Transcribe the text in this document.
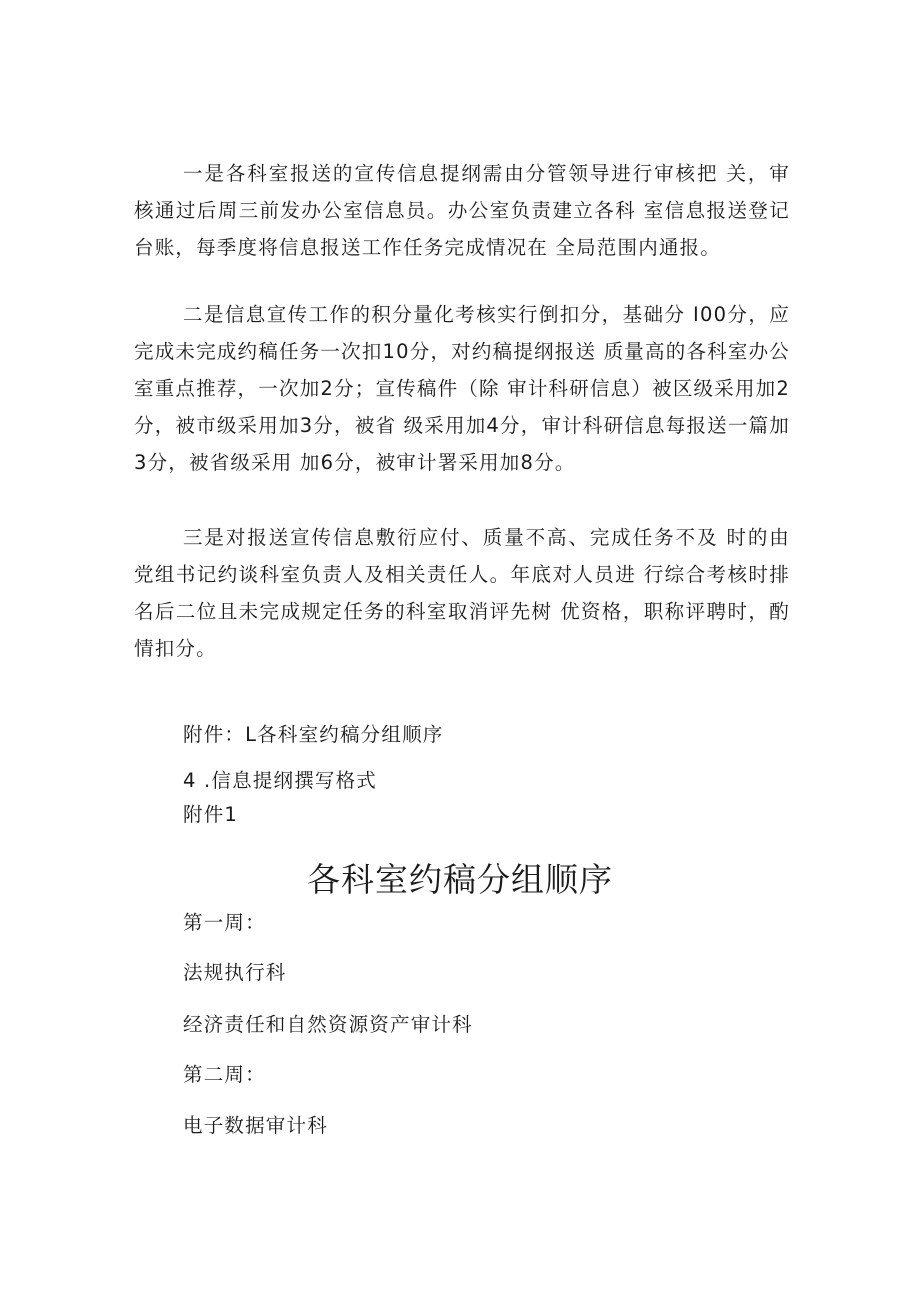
一是各科室报送的宣传信息提纲需由分管领导进行审核把 关，审核通过后周三前发办公室信息员。办公室负责建立各科 室信息报送登记台账，每季度将信息报送工作任务完成情况在 全局范围内通报。

二是信息宣传工作的积分量化考核实行倒扣分，基础分 I00分，应完成未完成约稿任务一次扣10分，对约稿提纲报送 质量高的各科室办公室重点推荐，一次加2分；宣传稿件（除 审计科研信息）被区级采用加2分，被市级采用加3分，被省 级采用加4分，审计科研信息每报送一篇加3分，被省级采用 加6分，被审计署采用加8分。

三是对报送宣传信息敷衍应付、质量不高、完成任务不及 时的由党组书记约谈科室负责人及相关责任人。年底对人员进 行综合考核时排名后二位且未完成规定任务的科室取消评先树 优资格，职称评聘时，酌情扣分。

附件：L各科室约稿分组顺序

4 .信息提纲撰写格式

附件1

各科室约稿分组顺序

第一周：

法规执行科

经济责任和自然资源资产审计科

第二周：

电子数据审计科
